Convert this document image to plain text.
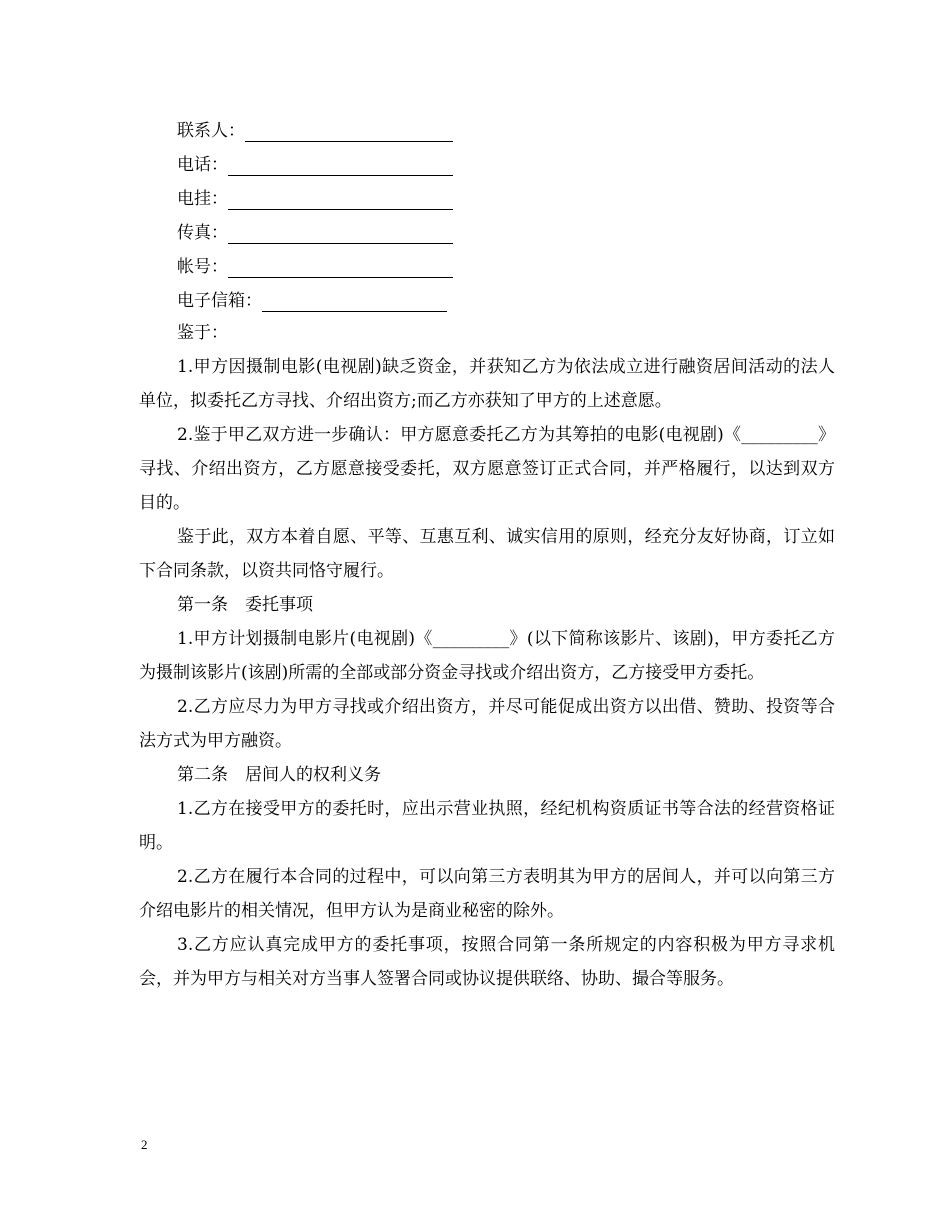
联系人：
电话：
电挂：
传真：
帐号：
电子信箱：

鉴于：

1.甲方因摄制电影(电视剧)缺乏资金，并获知乙方为依法成立进行融资居间活动的法人单位，拟委托乙方寻找、介绍出资方;而乙方亦获知了甲方的上述意愿。

2.鉴于甲乙双方进一步确认：甲方愿意委托乙方为其筹拍的电影(电视剧)《_________》寻找、介绍出资方，乙方愿意接受委托，双方愿意签订正式合同，并严格履行，以达到双方目的。

鉴于此，双方本着自愿、平等、互惠互利、诚实信用的原则，经充分友好协商，订立如下合同条款，以资共同恪守履行。

第一条　委托事项

1.甲方计划摄制电影片(电视剧)《_________》(以下简称该影片、该剧)，甲方委托乙方为摄制该影片(该剧)所需的全部或部分资金寻找或介绍出资方，乙方接受甲方委托。

2.乙方应尽力为甲方寻找或介绍出资方，并尽可能促成出资方以出借、赞助、投资等合法方式为甲方融资。

第二条　居间人的权利义务

1.乙方在接受甲方的委托时，应出示营业执照，经纪机构资质证书等合法的经营资格证明。

2.乙方在履行本合同的过程中，可以向第三方表明其为甲方的居间人，并可以向第三方介绍电影片的相关情况，但甲方认为是商业秘密的除外。

3.乙方应认真完成甲方的委托事项，按照合同第一条所规定的内容积极为甲方寻求机会，并为甲方与相关对方当事人签署合同或协议提供联络、协助、撮合等服务。

2
